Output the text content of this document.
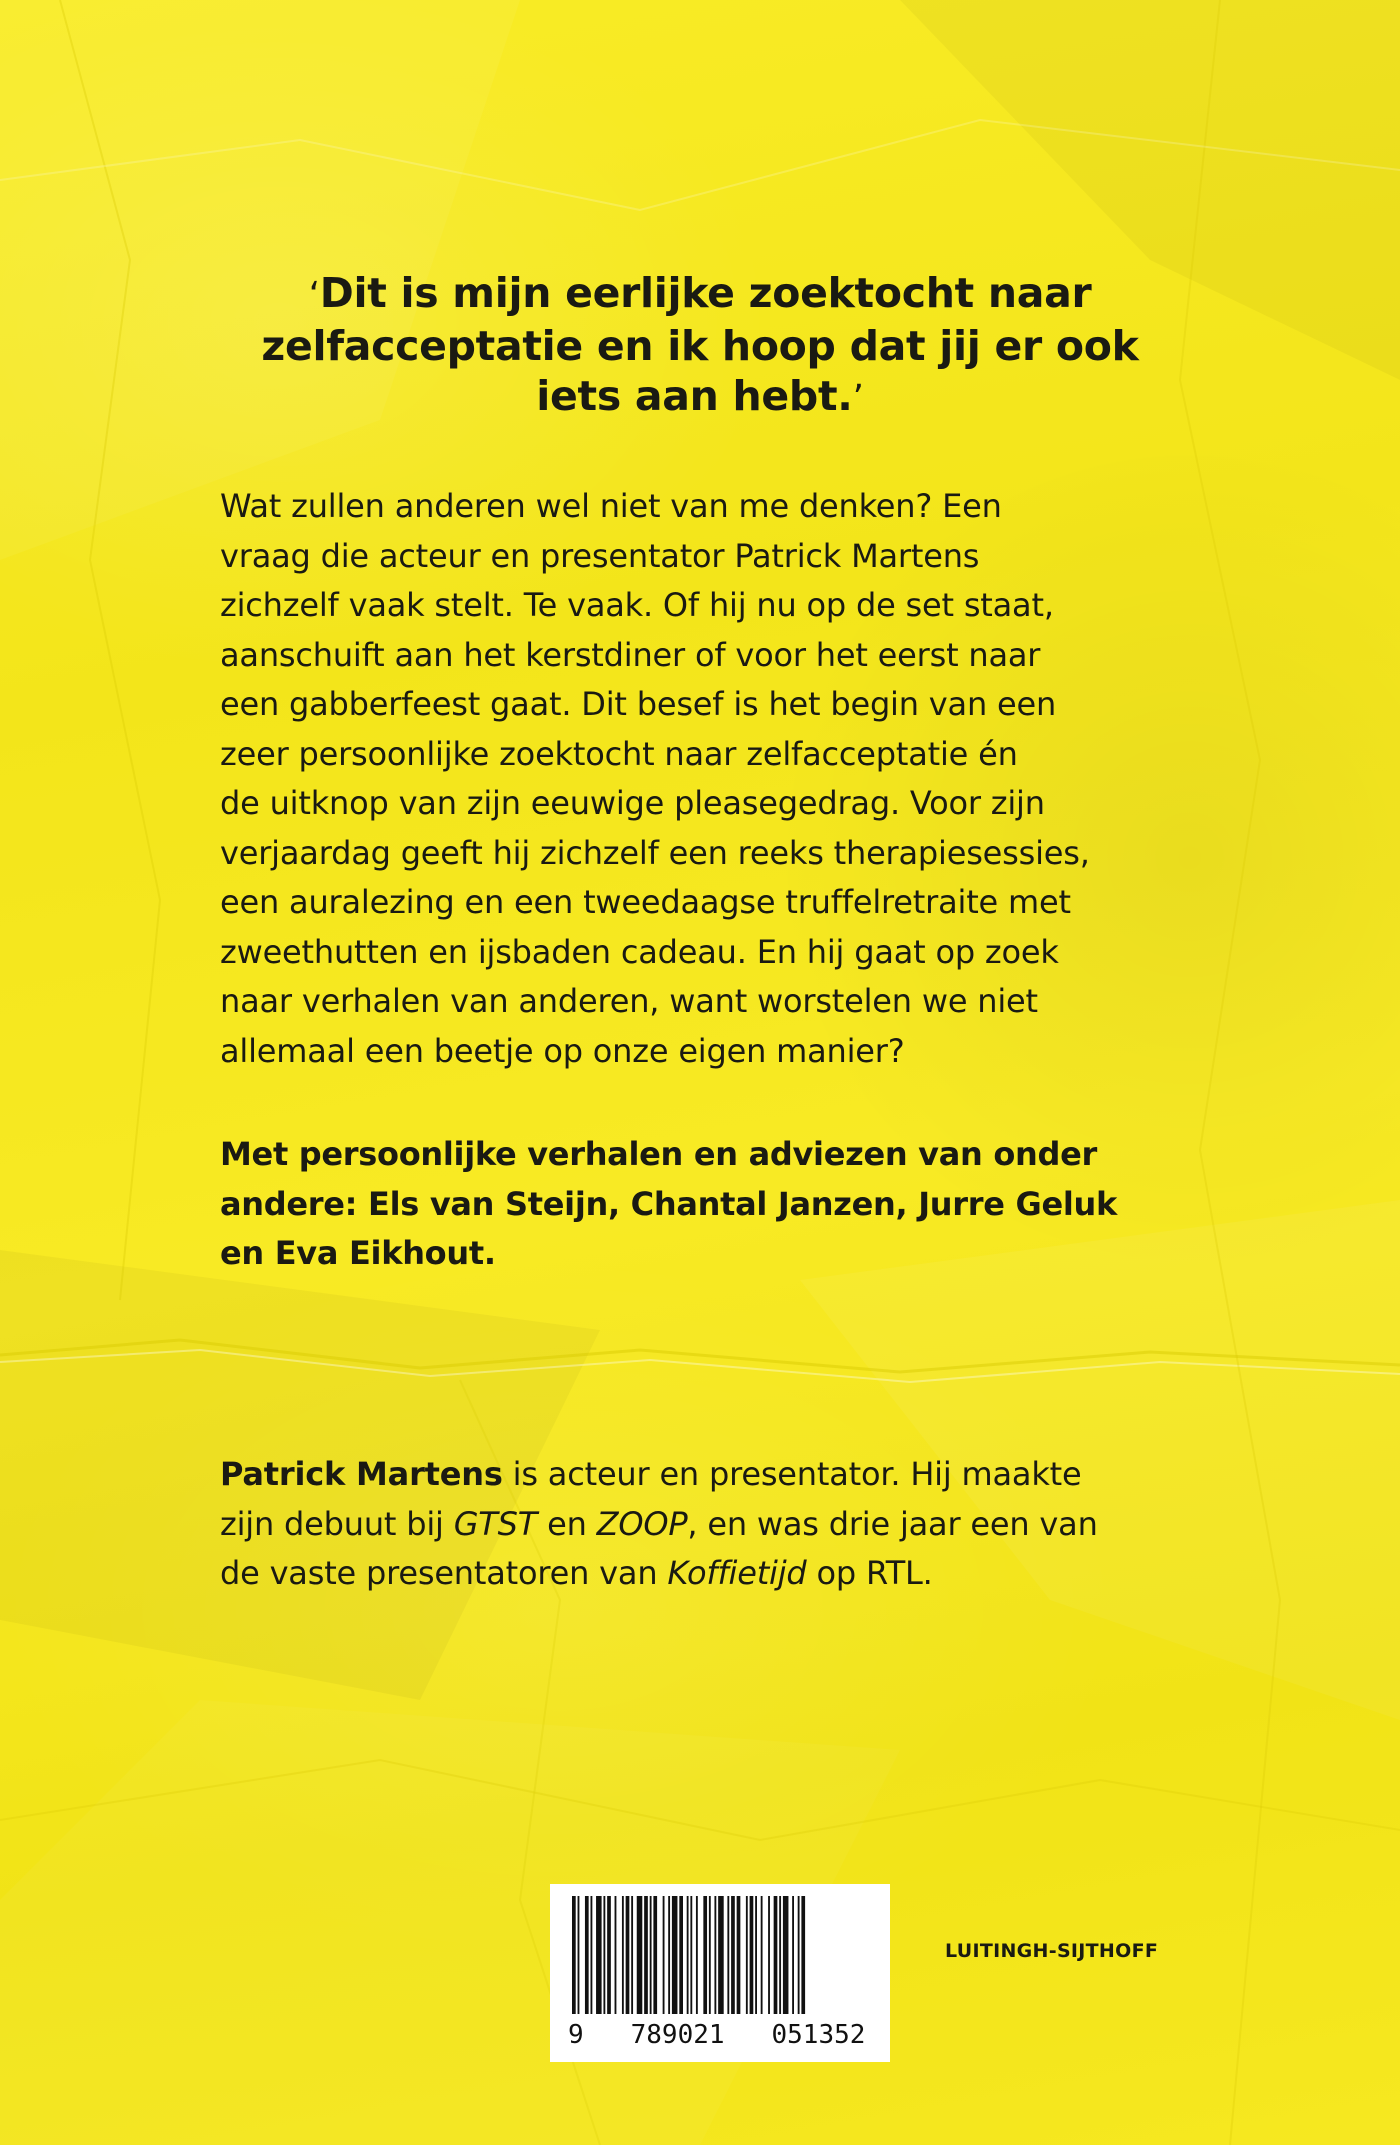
‘Dit is mijn eerlijke zoektocht naar
zelfacceptatie en ik hoop dat jij er ook
iets aan hebt.’
Wat zullen anderen wel niet van me denken? Een
vraag die acteur en presentator Patrick Martens
zichzelf vaak stelt. Te vaak. Of hij nu op de set staat,
aanschuift aan het kerstdiner of voor het eerst naar
een gabberfeest gaat. Dit besef is het begin van een
zeer persoonlijke zoektocht naar zelfacceptatie én
de uitknop van zijn eeuwige pleasegedrag. Voor zijn
verjaardag geeft hij zichzelf een reeks therapiesessies,
een auralezing en een tweedaagse truffelretraite met
zweethutten en ijsbaden cadeau. En hij gaat op zoek
naar verhalen van anderen, want worstelen we niet
allemaal een beetje op onze eigen manier?
Met persoonlijke verhalen en adviezen van onder
andere: Els van Steijn, Chantal Janzen, Jurre Geluk
en Eva Eikhout.
Patrick Martens is acteur en presentator. Hij maakte
zijn debuut bij GTST en ZOOP, en was drie jaar een van
de vaste presentatoren van Koffietijd op RTL.
9   789021   051352
LUITINGH-SIJTHOFF
